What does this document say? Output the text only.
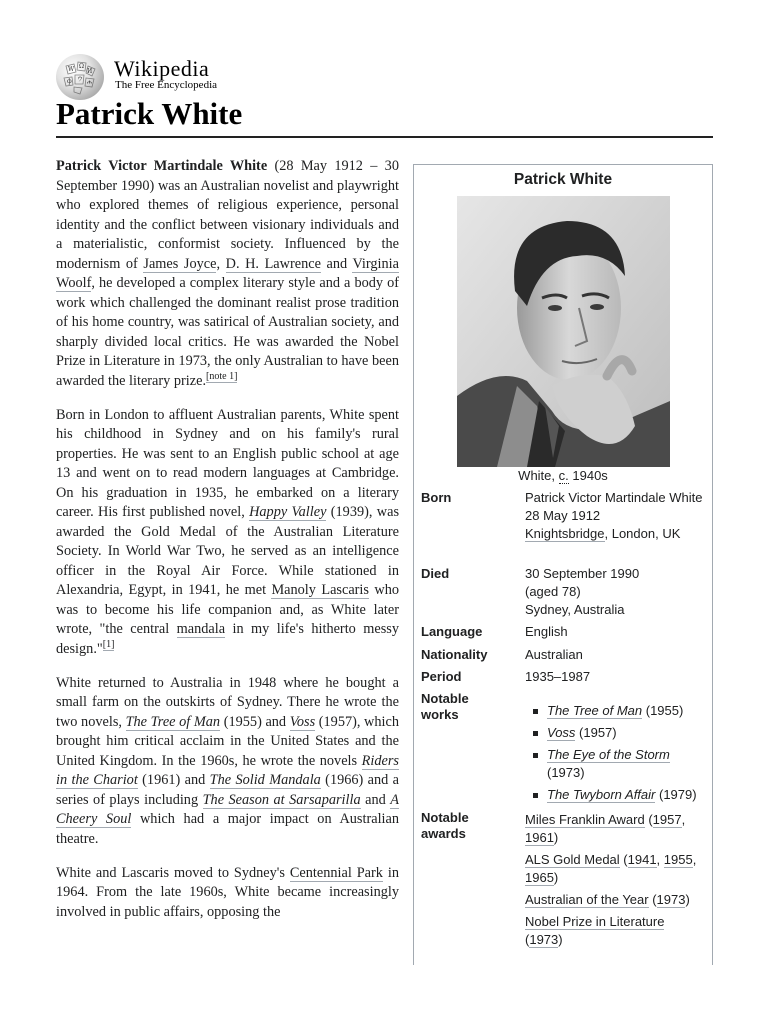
W Ω
И
ф ウ ሐ
Wikipedia
The Free Encyclopedia
Patrick White

Patrick Victor Martindale White (28 May 1912 – 30 September 1990) was an Australian novelist and playwright who explored themes of religious experience, personal identity and the conflict between visionary individuals and a materialistic, conformist society. Influenced by the modernism of James Joyce, D. H. Lawrence and Virginia Woolf, he developed a complex literary style and a body of work which challenged the dominant realist prose tradition of his home country, was satirical of Australian society, and sharply divided local critics. He was awarded the Nobel Prize in Literature in 1973, the only Australian to have been awarded the literary prize.[note 1]

Born in London to affluent Australian parents, White spent his childhood in Sydney and on his family's rural properties. He was sent to an English public school at age 13 and went on to read modern languages at Cambridge. On his graduation in 1935, he embarked on a literary career. His first published novel, Happy Valley (1939), was awarded the Gold Medal of the Australian Literature Society. In World War Two, he served as an intelligence officer in the Royal Air Force. While stationed in Alexandria, Egypt, in 1941, he met Manoly Lascaris who was to become his life companion and, as White later wrote, "the central mandala in my life's hitherto messy design."[1]

White returned to Australia in 1948 where he bought a small farm on the outskirts of Sydney. There he wrote the two novels, The Tree of Man (1955) and Voss (1957), which brought him critical acclaim in the United States and the United Kingdom. In the 1960s, he wrote the novels Riders in the Chariot (1961) and The Solid Mandala (1966) and a series of plays including The Season at Sarsaparilla and A Cheery Soul which had a major impact on Australian theatre.

White and Lascaris moved to Sydney's Centennial Park in 1964. From the late 1960s, White became increasingly involved in public affairs, opposing the

Patrick White
White, c. 1940s
Born	Patrick Victor Martindale White
28 May 1912
Knightsbridge, London, UK
Died	30 September 1990
(aged 78)
Sydney, Australia
Language	English
Nationality	Australian
Period	1935–1987
Notable works	The Tree of Man (1955)
Voss (1957)
The Eye of the Storm (1973)
The Twyborn Affair (1979)
Notable awards
Miles Franklin Award (1957, 1961)
ALS Gold Medal (1941, 1955, 1965)
Australian of the Year (1973)
Nobel Prize in Literature (1973)
